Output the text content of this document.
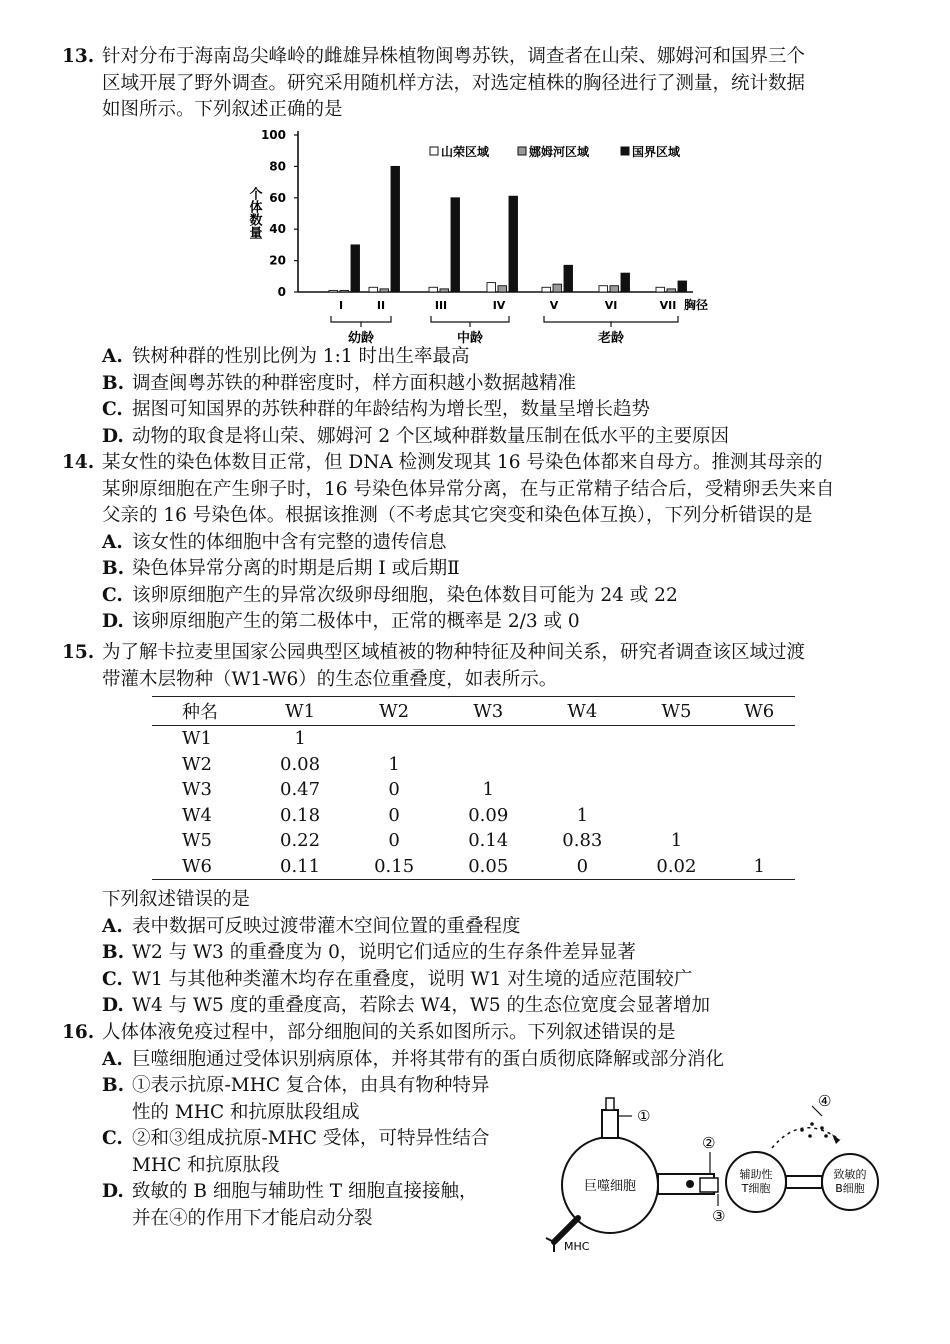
13. 针对分布于海南岛尖峰岭的雌雄异株植物闽粤苏铁，调查者在山荣、娜姆河和国界三个

区域开展了野外调查。研究采用随机样方法，对选定植株的胸径进行了测量，统计数据

如图所示。下列叙述正确的是

0
20
40
60
80
100
个体数量
I	II	III	IV	V	VI	VII 胸径
幼龄	中龄	老龄
山荣区域	娜姆河区域	国界区域

A. 铁树种群的性别比例为 1:1 时出生率最高

B. 调查闽粤苏铁的种群密度时，样方面积越小数据越精准

C. 据图可知国界的苏铁种群的年龄结构为增长型，数量呈增长趋势

D. 动物的取食是将山荣、娜姆河 2 个区域种群数量压制在低水平的主要原因

14. 某女性的染色体数目正常，但 DNA 检测发现其 16 号染色体都来自母方。推测其母亲的

某卵原细胞在产生卵子时，16 号染色体异常分离，在与正常精子结合后，受精卵丢失来自

父亲的 16 号染色体。根据该推测（不考虑其它突变和染色体互换），下列分析错误的是

A. 该女性的体细胞中含有完整的遗传信息

B. 染色体异常分离的时期是后期 I 或后期Ⅱ

C. 该卵原细胞产生的异常次级卵母细胞，染色体数目可能为 24 或 22

D. 该卵原细胞产生的第二极体中，正常的概率是 2/3 或 0

15. 为了解卡拉麦里国家公园典型区域植被的物种特征及种间关系，研究者调查该区域过渡

带灌木层物种（W1-W6）的生态位重叠度，如表所示。

种名	W1	W2	W3	W4	W5	W6
W1	1					
W2	0.08	1				
W3	0.47	0	1			
W4	0.18	0	0.09	1		
W5	0.22	0	0.14	0.83	1	
W6	0.11	0.15	0.05	0	0.02	1

下列叙述错误的是

A. 表中数据可反映过渡带灌木空间位置的重叠程度

B. W2 与 W3 的重叠度为 0，说明它们适应的生存条件差异显著

C. W1 与其他种类灌木均存在重叠度，说明 W1 对生境的适应范围较广

D. W4 与 W5 度的重叠度高，若除去 W4，W5 的生态位宽度会显著增加

16. 人体体液免疫过程中，部分细胞间的关系如图所示。下列叙述错误的是

A. 巨噬细胞通过受体识别病原体，并将其带有的蛋白质彻底降解或部分消化

B. ①表示抗原-MHC 复合体，由具有物种特异

性的 MHC 和抗原肽段组成

C. ②和③组成抗原-MHC 受体，可特异性结合

MHC 和抗原肽段

D. 致敏的 B 细胞与辅助性 T 细胞直接接触，

并在④的作用下才能启动分裂

巨噬细胞
①
MHC
②
③
辅助性
T细胞
致敏的
B细胞
④
